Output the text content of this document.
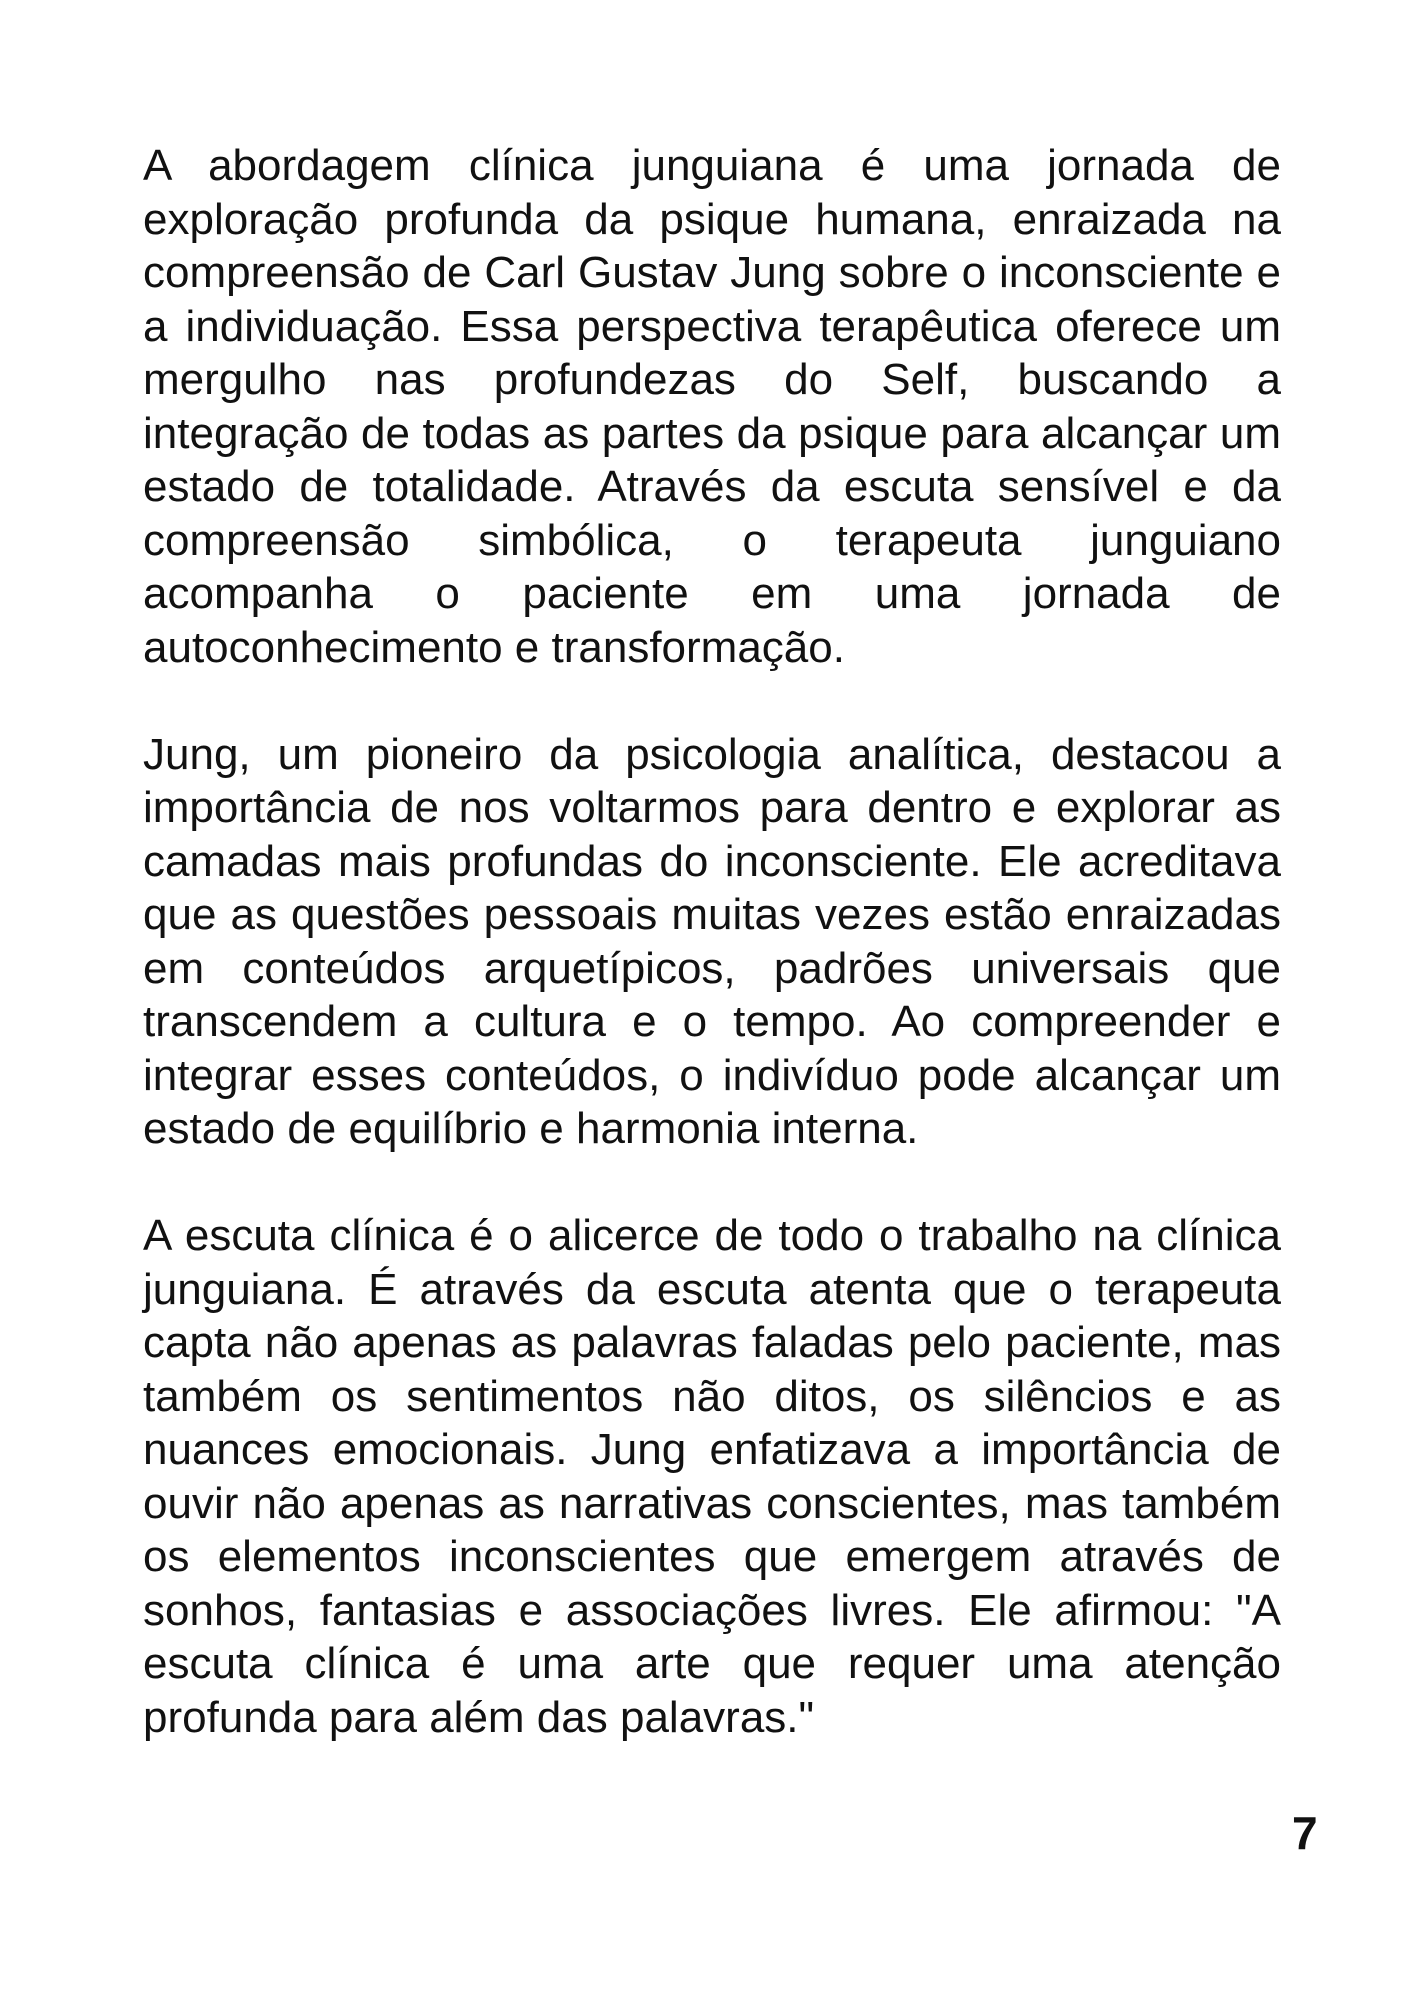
A abordagem clínica junguiana é uma jornada de exploração profunda da psique humana, enraizada na compreensão de Carl Gustav Jung sobre o inconsciente e a individuação. Essa perspectiva terapêutica oferece um mergulho nas profundezas do Self, buscando a integração de todas as partes da psique para alcançar um estado de totalidade. Através da escuta sensível e da compreensão simbólica, o terapeuta junguiano acompanha o paciente em uma jornada de autoconhecimento e transformação.

Jung, um pioneiro da psicologia analítica, destacou a importância de nos voltarmos para dentro e explorar as camadas mais profundas do inconsciente. Ele acreditava que as questões pessoais muitas vezes estão enraizadas em conteúdos arquetípicos, padrões universais que transcendem a cultura e o tempo. Ao compreender e integrar esses conteúdos, o indivíduo pode alcançar um estado de equilíbrio e harmonia interna.

A escuta clínica é o alicerce de todo o trabalho na clínica junguiana. É através da escuta atenta que o terapeuta capta não apenas as palavras faladas pelo paciente, mas também os sentimentos não ditos, os silêncios e as nuances emocionais. Jung enfatizava a importância de ouvir não apenas as narrativas conscientes, mas também os elementos inconscientes que emergem através de sonhos, fantasias e associações livres. Ele afirmou: "A escuta clínica é uma arte que requer uma atenção profunda para além das palavras."

7
